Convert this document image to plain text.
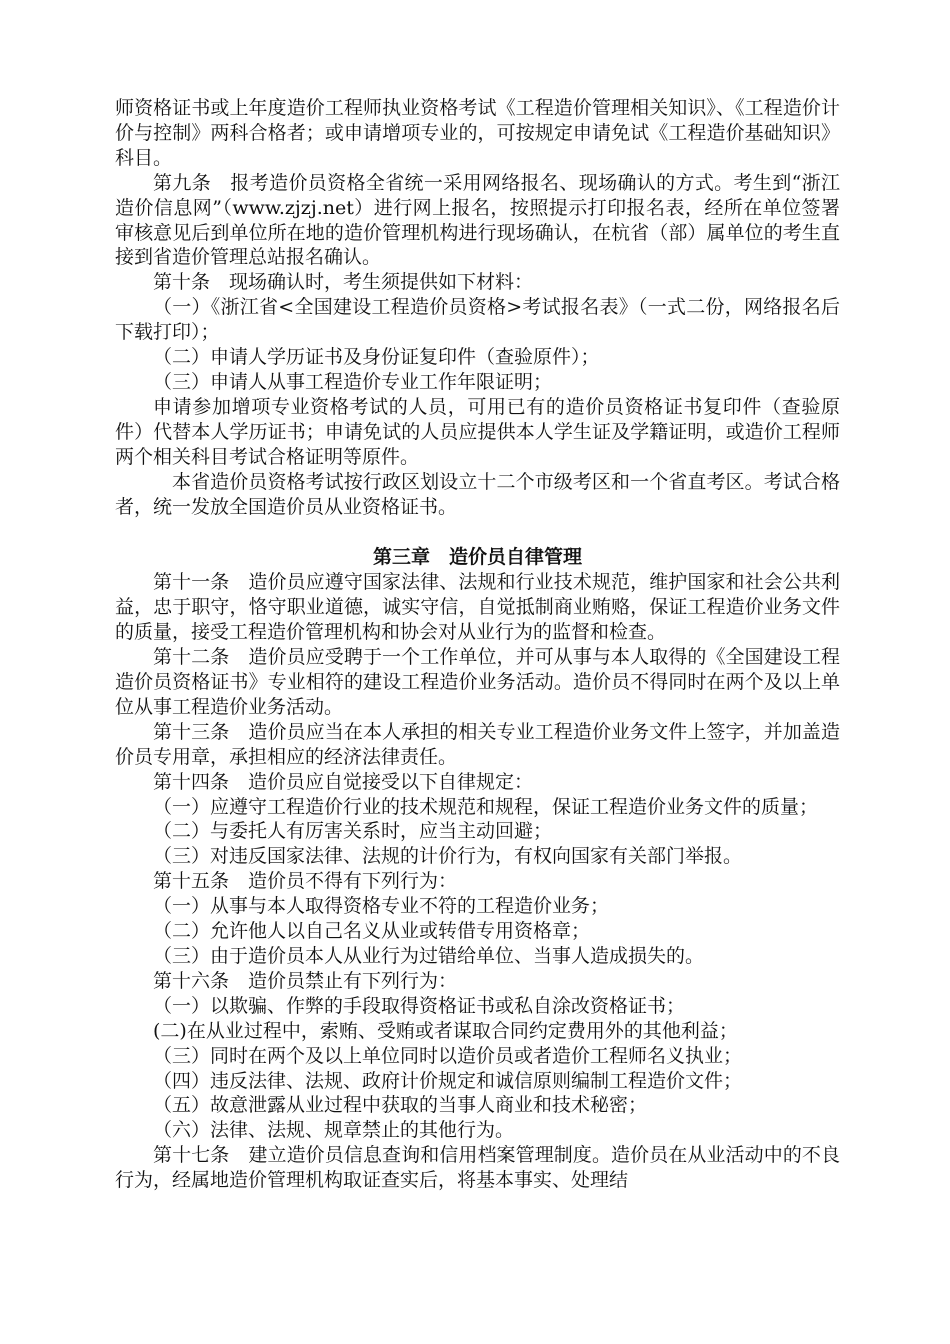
师资格证书或上年度造价工程师执业资格考试《工程造价管理相关知识》、《工程造价计价与控制》两科合格者；或申请增项专业的，可按规定申请免试《工程造价基础知识》科目。

第九条　报考造价员资格全省统一采用网络报名、现场确认的方式。考生到“浙江造价信息网”（www.zjzj.net）进行网上报名，按照提示打印报名表，经所在单位签署审核意见后到单位所在地的造价管理机构进行现场确认，在杭省（部）属单位的考生直接到省造价管理总站报名确认。

第十条　现场确认时，考生须提供如下材料：

（一）《浙江省<全国建设工程造价员资格>考试报名表》（一式二份，网络报名后下载打印）；

（二）申请人学历证书及身份证复印件（查验原件）；

（三）申请人从事工程造价专业工作年限证明；

申请参加增项专业资格考试的人员，可用已有的造价员资格证书复印件（查验原件）代替本人学历证书；申请免试的人员应提供本人学生证及学籍证明，或造价工程师两个相关科目考试合格证明等原件。

本省造价员资格考试按行政区划设立十二个市级考区和一个省直考区。考试合格者，统一发放全国造价员从业资格证书。

第三章　造价员自律管理

第十一条　造价员应遵守国家法律、法规和行业技术规范，维护国家和社会公共利益，忠于职守，恪守职业道德，诚实守信，自觉抵制商业贿赂，保证工程造价业务文件的质量，接受工程造价管理机构和协会对从业行为的监督和检查。

第十二条　造价员应受聘于一个工作单位，并可从事与本人取得的《全国建设工程造价员资格证书》专业相符的建设工程造价业务活动。造价员不得同时在两个及以上单位从事工程造价业务活动。

第十三条　造价员应当在本人承担的相关专业工程造价业务文件上签字，并加盖造价员专用章，承担相应的经济法律责任。

第十四条　造价员应自觉接受以下自律规定：

（一）应遵守工程造价行业的技术规范和规程，保证工程造价业务文件的质量；

（二）与委托人有厉害关系时，应当主动回避；

（三）对违反国家法律、法规的计价行为，有权向国家有关部门举报。

第十五条　造价员不得有下列行为：

（一）从事与本人取得资格专业不符的工程造价业务；

（二）允许他人以自己名义从业或转借专用资格章；

（三）由于造价员本人从业行为过错给单位、当事人造成损失的。

第十六条　造价员禁止有下列行为：

（一）以欺骗、作弊的手段取得资格证书或私自涂改资格证书；

(二)在从业过程中，索贿、受贿或者谋取合同约定费用外的其他利益；

（三）同时在两个及以上单位同时以造价员或者造价工程师名义执业；

（四）违反法律、法规、政府计价规定和诚信原则编制工程造价文件；

（五）故意泄露从业过程中获取的当事人商业和技术秘密；

（六）法律、法规、规章禁止的其他行为。

第十七条　建立造价员信息查询和信用档案管理制度。造价员在从业活动中的不良行为，经属地造价管理机构取证查实后，将基本事实、处理结
